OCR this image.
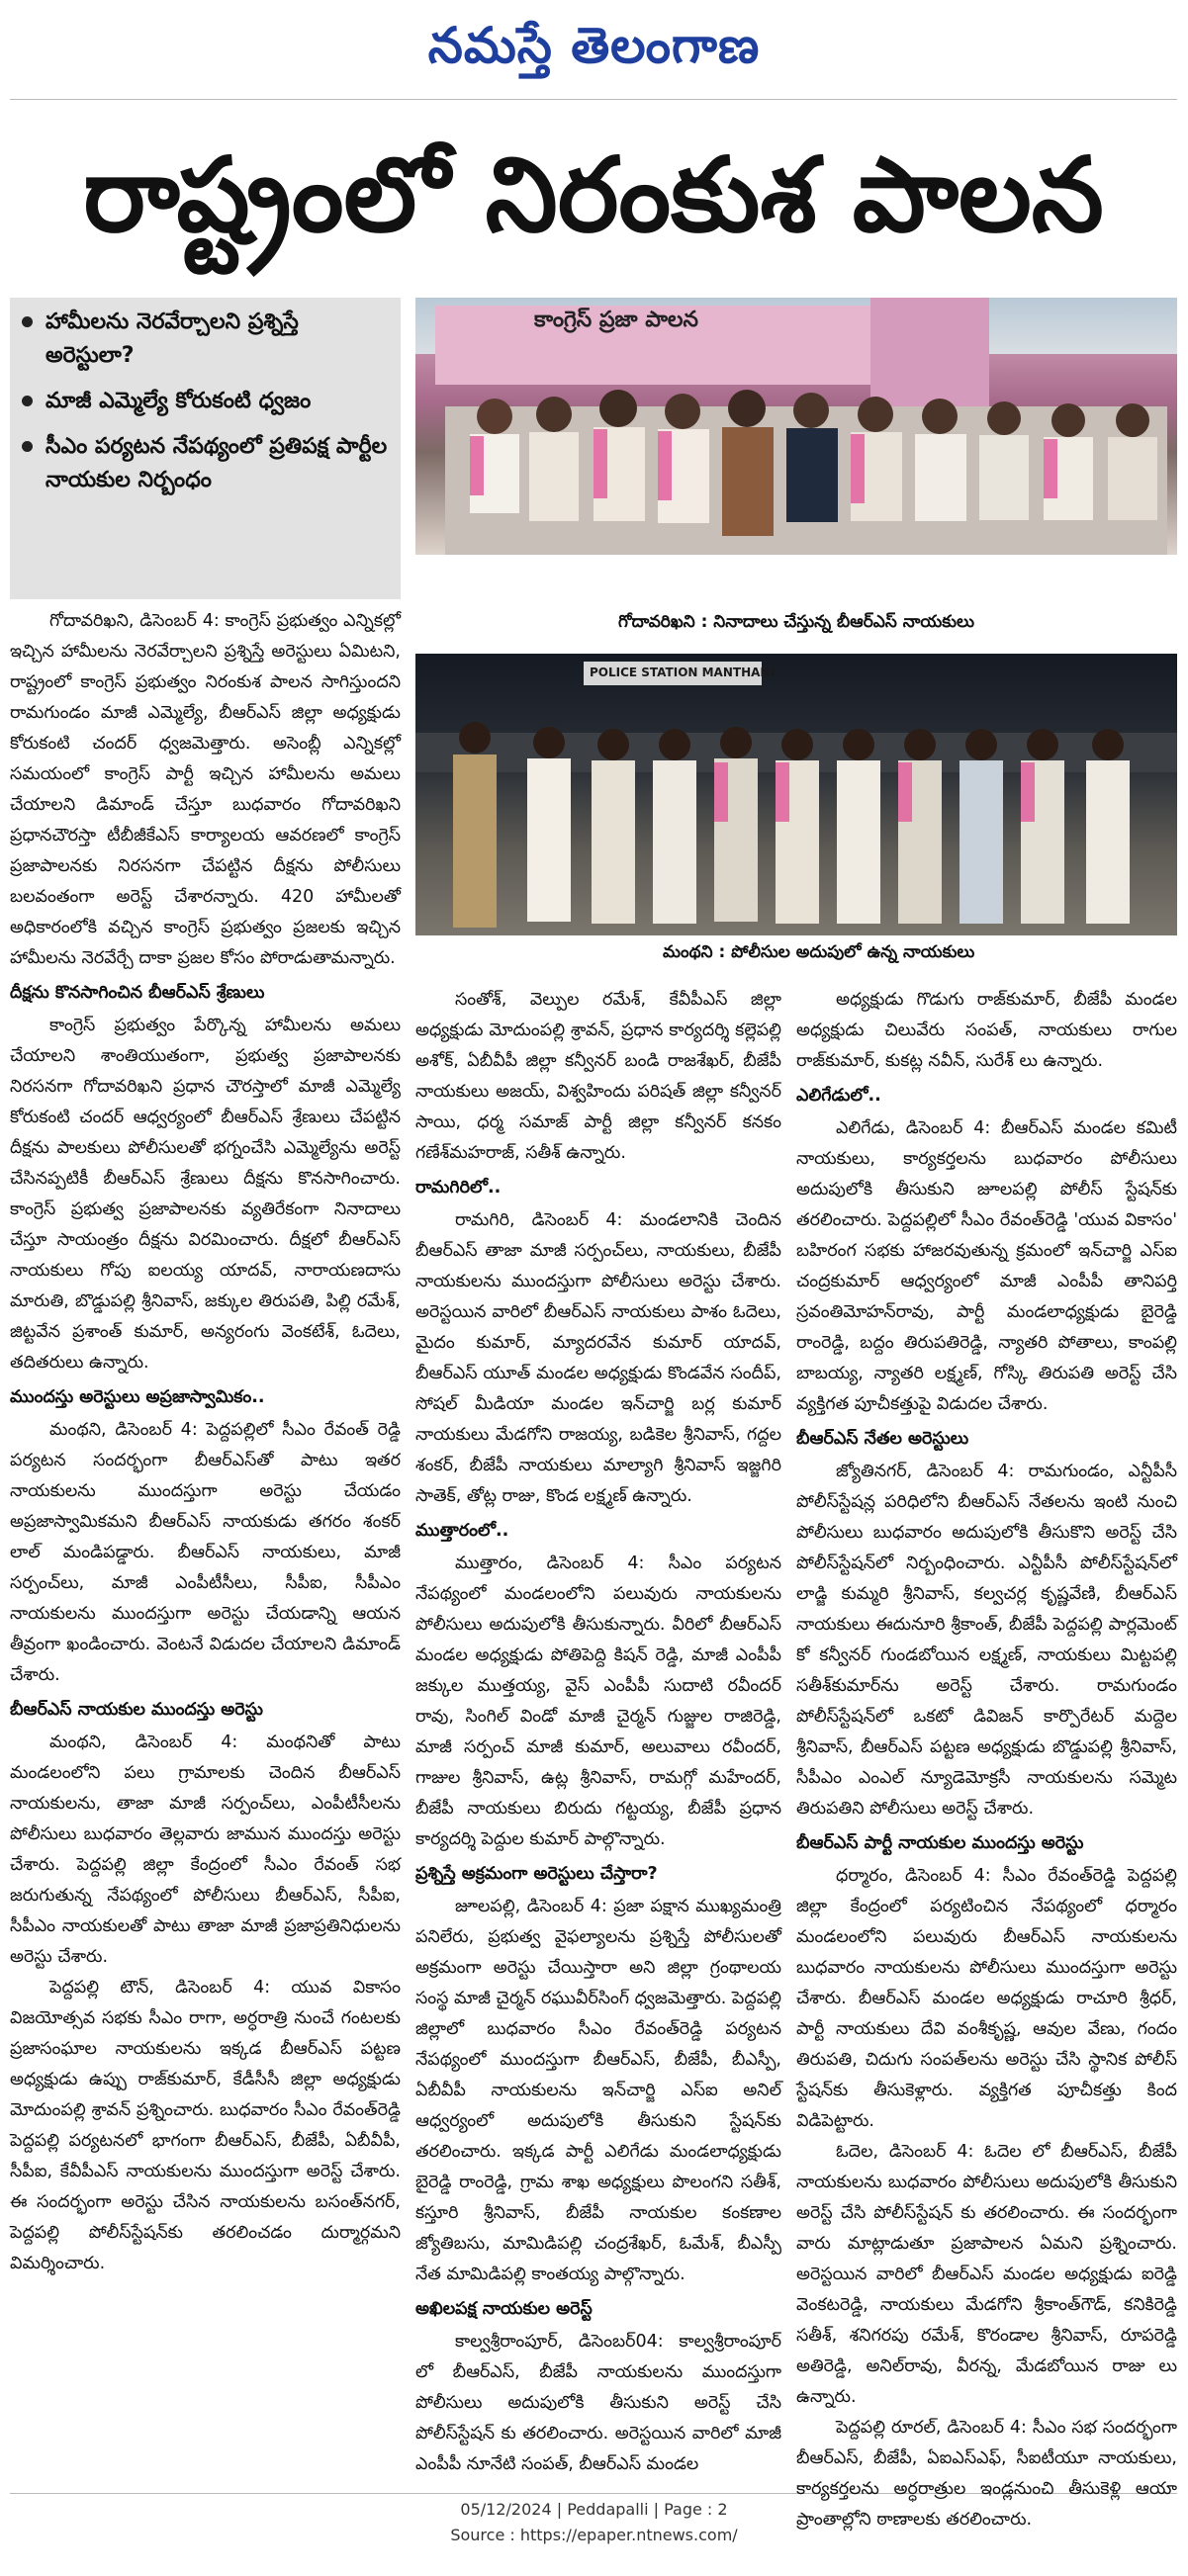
నమస్తే తెలంగాణ
రాష్ట్రంలో నిరంకుశ పాలన
హామీలను నెరవేర్చాలని ప్రశ్నిస్తే అరెస్టులా?
మాజీ ఎమ్మెల్యే కోరుకంటి ధ్వజం
సీఎం పర్యటన నేపథ్యంలో ప్రతిపక్ష పార్టీల నాయకుల నిర్బంధం
కాంగ్రెస్ ప్రజా పాలన
గోదావరిఖని : నినాదాలు చేస్తున్న బీఆర్‌ఎస్ నాయకులు
POLICE STATION MANTHANI
మంథని : పోలీసుల అదుపులో ఉన్న నాయకులు

గోదావరిఖని, డిసెంబర్ 4: కాంగ్రెస్ ప్రభుత్వం ఎన్నికల్లో ఇచ్చిన హామీలను నెరవేర్చాలని ప్రశ్నిస్తే అరెస్టులు ఏమిటని, రాష్ట్రంలో కాంగ్రెస్ ప్రభుత్వం నిరంకుశ పాలన సాగిస్తుందని రామగుండం మాజీ ఎమ్మెల్యే, బీఆర్‌ఎస్ జిల్లా అధ్యక్షుడు కోరుకంటి చందర్ ధ్వజమెత్తారు. అసెంబ్లీ ఎన్నికల్లో సమయంలో కాంగ్రెస్ పార్టీ ఇచ్చిన హామీలను అమలు చేయాలని డిమాండ్ చేస్తూ బుధవారం గోదావరిఖని ప్రధానచౌరస్తా టీబీజీకేఎస్ కార్యాలయ ఆవరణలో కాంగ్రెస్ ప్రజాపాలనకు నిరసనగా చేపట్టిన దీక్షను పోలీసులు బలవంతంగా అరెస్ట్ చేశారన్నారు. 420 హామీలతో అధికారంలోకి వచ్చిన కాంగ్రెస్ ప్రభుత్వం ప్రజలకు ఇచ్చిన హామీలను నెరవేర్చే దాకా ప్రజల కోసం పోరాడుతామన్నారు.

దీక్షను కొనసాగించిన బీఆర్‌ఎస్ శ్రేణులు

కాంగ్రెస్ ప్రభుత్వం పేర్కొన్న హామీలను అమలు చేయాలని శాంతియుతంగా, ప్రభుత్వ ప్రజాపాలనకు నిరసనగా గోదావరిఖని ప్రధాన చౌరస్తాలో మాజీ ఎమ్మెల్యే కోరుకంటి చందర్ ఆధ్వర్యంలో బీఆర్‌ఎస్ శ్రేణులు చేపట్టిన దీక్షను పాలకులు పోలీసులతో భగ్నంచేసి ఎమ్మెల్యేను అరెస్ట్ చేసినప్పటికీ బీఆర్‌ఎస్ శ్రేణులు దీక్షను కొనసాగించారు. కాంగ్రెస్ ప్రభుత్వ ప్రజాపాలనకు వ్యతిరేకంగా నినాదాలు చేస్తూ సాయంత్రం దీక్షను విరమించారు. దీక్షలో బీఆర్‌ఎస్ నాయకులు గోపు ఐలయ్య యాదవ్, నారాయణదాసు మారుతి, బొడ్డుపల్లి శ్రీనివాస్, జక్కుల తిరుపతి, పిల్లి రమేశ్, జిట్టవేన ప్రశాంత్ కుమార్, అన్యరంగు వెంకటేశ్, ఓదెలు, తదితరులు ఉన్నారు.

ముందస్తు అరెస్టులు అప్రజాస్వామికం..

మంథని, డిసెంబర్ 4: పెద్దపల్లిలో సీఎం రేవంత్ రెడ్డి పర్యటన సందర్భంగా బీఆర్‌ఎస్‌తో పాటు ఇతర నాయకులను ముందస్తుగా అరెస్టు చేయడం అప్రజాస్వామికమని బీఆర్‌ఎస్ నాయకుడు తగరం శంకర్ లాల్ మండిపడ్డారు. బీఆర్‌ఎస్ నాయకులు, మాజీ సర్పంచ్‌లు, మాజీ ఎంపీటీసీలు, సీపీఐ, సీపీఎం నాయకులను ముందస్తుగా అరెస్టు చేయడాన్ని ఆయన తీవ్రంగా ఖండించారు. వెంటనే విడుదల చేయాలని డిమాండ్ చేశారు.

బీఆర్‌ఎస్ నాయకుల ముందస్తు అరెస్టు

మంథని, డిసెంబర్ 4: మంథనితో పాటు మండలంలోని పలు గ్రామాలకు చెందిన బీఆర్‌ఎస్ నాయకులను, తాజా మాజీ సర్పంచ్‌లు, ఎంపీటీసీలను పోలీసులు బుధవారం తెల్లవారు జామున ముందస్తు అరెస్టు చేశారు. పెద్దపల్లి జిల్లా కేంద్రంలో సీఎం రేవంత్ సభ జరుగుతున్న నేపథ్యంలో పోలీసులు బీఆర్‌ఎస్, సీపీఐ, సీపీఎం నాయకులతో పాటు తాజా మాజీ ప్రజాప్రతినిధులను అరెస్టు చేశారు.

పెద్దపల్లి టౌన్, డిసెంబర్ 4: యువ వికాసం విజయోత్సవ సభకు సీఎం రాగా, అర్ధరాత్రి నుంచే గంటలకు ప్రజాసంఘాల నాయకులను ఇక్కడ బీఆర్‌ఎస్ పట్టణ అధ్యక్షుడు ఉప్పు రాజ్‌కుమార్, కేడీసీసీ జిల్లా అధ్యక్షుడు మోదుంపల్లి శ్రావన్ ప్రశ్నించారు. బుధవారం సీఎం రేవంత్‌రెడ్డి పెద్దపల్లి పర్యటనలో భాగంగా బీఆర్‌ఎస్, బీజేపీ, ఏబీవీపీ, సీపీఐ, కేవీపీఎస్ నాయకులను ముందస్తుగా అరెస్ట్ చేశారు. ఈ సందర్భంగా అరెస్టు చేసిన నాయకులను బసంత్‌నగర్, పెద్దపల్లి పోలీస్‌స్టేషన్‌కు తరలించడం దుర్మార్గమని విమర్శించారు.

సంతోశ్, వెల్పుల రమేశ్, కేవీపీఎస్ జిల్లా అధ్యక్షుడు మోదుంపల్లి శ్రావన్, ప్రధాన కార్యదర్శి కల్లెపల్లి అశోక్, ఏబీవీపీ జిల్లా కన్వీనర్ బండి రాజశేఖర్, బీజేపీ నాయకులు అజయ్, విశ్వహిందు పరిషత్ జిల్లా కన్వీనర్ సాయి, ధర్మ సమాజ్ పార్టీ జిల్లా కన్వీనర్ కనకం గణేశ్‌మహరాజ్, సతీశ్ ఉన్నారు.

రామగిరిలో..

రామగిరి, డిసెంబర్ 4: మండలానికి చెందిన బీఆర్‌ఎస్ తాజా మాజీ సర్పంచ్‌లు, నాయకులు, బీజేపీ నాయకులను ముందస్తుగా పోలీసులు అరెస్టు చేశారు. అరెస్టయిన వారిలో బీఆర్‌ఎస్ నాయకులు పాశం ఓదెలు, మైదం కుమార్, మ్యాదరవేన కుమార్ యాదవ్, బీఆర్‌ఎస్ యూత్ మండల అధ్యక్షుడు కొండవేన సందీప్, సోషల్ మీడియా మండల ఇన్‌చార్జి బర్ల కుమార్ నాయకులు మేడగోని రాజయ్య, బడికెల శ్రీనివాస్, గద్దల శంకర్, బీజేపీ నాయకులు మాల్యాగి శ్రీనివాస్ ఇజ్జగిరి సాతెక్, తోట్ల రాజు, కొండ లక్ష్మణ్ ఉన్నారు.

ముత్తారంలో..

ముత్తారం, డిసెంబర్ 4: సీఎం పర్యటన నేపథ్యంలో మండలంలోని పలువురు నాయకులను పోలీసులు అదుపులోకి తీసుకున్నారు. వీరిలో బీఆర్‌ఎస్ మండల అధ్యక్షుడు పోతిపెద్ది కిషన్ రెడ్డి, మాజీ ఎంపీపీ జక్కుల ముత్తయ్య, వైస్ ఎంపీపీ సుదాటి రవీందర్ రావు, సింగిల్ విండో మాజీ చైర్మన్ గుజ్జుల రాజిరెడ్డి, మాజీ సర్పంచ్ మాజీ కుమార్, అలువాలు రవీందర్, గాజుల శ్రీనివాస్, ఉట్ల శ్రీనివాస్, రామగ్గో మహేందర్, బీజేపీ నాయకులు బిరుదు గట్టయ్య, బీజేపీ ప్రధాన కార్యదర్శి పెద్దుల కుమార్ పాల్గొన్నారు.

ప్రశ్నిస్తే అక్రమంగా అరెస్టులు చేస్తారా?

జూలపల్లి, డిసెంబర్ 4: ప్రజా పక్షాన ముఖ్యమంత్రి పనిలేరు, ప్రభుత్వ వైఫల్యాలను ప్రశ్నిస్తే పోలీసులతో అక్రమంగా అరెస్టు చేయిస్తారా అని జిల్లా గ్రంథాలయ సంస్థ మాజీ చైర్మన్ రఘువీర్‌సింగ్ ధ్వజమెత్తారు. పెద్దపల్లి జిల్లాలో బుధవారం సీఎం రేవంత్‌రెడ్డి పర్యటన నేపథ్యంలో ముందస్తుగా బీఆర్‌ఎస్, బీజేపీ, బీఎస్పీ, ఏబీవీపీ నాయకులను ఇన్‌చార్జి ఎస్‌ఐ అనిల్ ఆధ్వర్యంలో అదుపులోకి తీసుకుని స్టేషన్‌కు తరలించారు. ఇక్కడ పార్టీ ఎలిగేడు మండలాధ్యక్షుడు బైరెడ్డి రాంరెడ్డి, గ్రామ శాఖ అధ్యక్షులు పొలంగని సతీశ్, కస్తూరి శ్రీనివాస్, బీజేపీ నాయకుల కంకణాల జ్యోతిబసు, మామిడిపల్లి చంద్రశేఖర్, ఓమేశ్, బీఎస్పీ నేత మామిడిపల్లి కాంతయ్య పాల్గొన్నారు.

అఖిలపక్ష నాయకుల అరెస్ట్

కాల్వశ్రీరాంపూర్, డిసెంబర్04: కాల్వశ్రీరాంపూర్ లో బీఆర్‌ఎస్, బీజేపీ నాయకులను ముందస్తుగా పోలీసులు అదుపులోకి తీసుకుని అరెస్ట్ చేసి పోలీస్‌స్టేషన్ కు తరలించారు. అరెస్టయిన వారిలో మాజీ ఎంపీపీ నూనేటి సంపత్, బీఆర్‌ఎస్ మండల

అధ్యక్షుడు గొడుగు రాజ్‌కుమార్, బీజేపీ మండల అధ్యక్షుడు చిలువేరు సంపత్, నాయకులు రాగుల రాజ్‌కుమార్, కుకట్ల నవీన్, సురేశ్ లు ఉన్నారు.

ఎలిగేడులో..

ఎలిగేడు, డిసెంబర్ 4: బీఆర్‌ఎస్ మండల కమిటీ నాయకులు, కార్యకర్తలను బుధవారం పోలీసులు అదుపులోకి తీసుకుని జూలపల్లి పోలీస్ స్టేషన్‌కు తరలించారు. పెద్దపల్లిలో సీఎం రేవంత్‌రెడ్డి 'యువ వికాసం' బహిరంగ సభకు హాజరవుతున్న క్రమంలో ఇన్‌చార్జి ఎస్‌ఐ చంద్రకుమార్ ఆధ్వర్యంలో మాజీ ఎంపీపీ తానిపర్తి స్రవంతిమోహన్‌రావు, పార్టీ మండలాధ్యక్షుడు బైరెడ్డి రాంరెడ్డి, బద్దం తిరుపతిరెడ్డి, న్యాతరి పోతాలు, కాంపల్లి బాబయ్య, న్యాతరి లక్ష్మణ్, గోస్కి తిరుపతి అరెస్ట్ చేసి వ్యక్తిగత పూచీకత్తుపై విడుదల చేశారు.

బీఆర్‌ఎస్ నేతల అరెస్టులు

జ్యోతినగర్, డిసెంబర్ 4: రామగుండం, ఎన్టీపీసీ పోలీస్‌స్టేషన్ల పరిధిలోని బీఆర్‌ఎస్ నేతలను ఇంటి నుంచి పోలీసులు బుధవారం అదుపులోకి తీసుకొని అరెస్ట్ చేసి పోలీస్‌స్టేషన్‌లో నిర్బంధించారు. ఎన్టీపీసీ పోలీస్‌స్టేషన్‌లో లాడ్జి కుమ్మరి శ్రీనివాస్, కల్వచర్ల కృష్ణవేణి, బీఆర్‌ఎస్ నాయకులు ఈదునూరి శ్రీకాంత్, బీజేపీ పెద్దపల్లి పార్లమెంట్ కో కన్వీనర్ గుండబోయిన లక్ష్మణ్, నాయకులు మిట్టపల్లి సతీశ్‌కుమార్‌ను అరెస్ట్ చేశారు. రామగుండం పోలీస్‌స్టేషన్‌లో ఒకటో డివిజన్ కార్పొరేటర్ మద్దెల శ్రీనివాస్, బీఆర్‌ఎస్ పట్టణ అధ్యక్షుడు బొడ్డుపల్లి శ్రీనివాస్, సీపీఎం ఎంఎల్ న్యూడెమోక్రసీ నాయకులను సమ్మెట తిరుపతిని పోలీసులు అరెస్ట్ చేశారు.

బీఆర్‌ఎస్ పార్టీ నాయకుల ముందస్తు అరెస్టు

ధర్మారం, డిసెంబర్ 4: సీఎం రేవంత్‌రెడ్డి పెద్దపల్లి జిల్లా కేంద్రంలో పర్యటించిన నేపథ్యంలో ధర్మారం మండలంలోని పలువురు బీఆర్‌ఎస్ నాయకులను బుధవారం నాయకులను పోలీసులు ముందస్తుగా అరెస్టు చేశారు. బీఆర్‌ఎస్ మండల అధ్యక్షుడు రాచూరి శ్రీధర్, పార్టీ నాయకులు దేవి వంశీకృష్ణ, ఆవుల వేణు, గందం తిరుపతి, చిదుగు సంపత్‌లను అరెస్టు చేసి స్థానిక పోలీస్ స్టేషన్‌కు తీసుకెళ్లారు. వ్యక్తిగత పూచీకత్తు కింద విడిపెట్టారు.

ఓదెల, డిసెంబర్ 4: ఓదెల లో బీఆర్‌ఎస్, బీజేపీ నాయకులను బుధవారం పోలీసులు అదుపులోకి తీసుకుని అరెస్ట్ చేసి పోలీస్‌స్టేషన్ కు తరలించారు. ఈ సందర్భంగా వారు మాట్లాడుతూ ప్రజాపాలన ఏమని ప్రశ్నించారు. అరెస్టయిన వారిలో బీఆర్‌ఎస్ మండల అధ్యక్షుడు ఐరెడ్డి వెంకటరెడ్డి, నాయకులు మేడగోని శ్రీకాంత్‌గౌడ్, కనికిరెడ్డి సతీశ్, శనిగరపు రమేశ్, కొరండాల శ్రీనివాస్, రూపరెడ్డి అతిరెడ్డి, అనిల్‌రావు, వీరన్న, మేడబోయిన రాజు లు ఉన్నారు.

పెద్దపల్లి రూరల్, డిసెంబర్ 4: సీఎం సభ సందర్భంగా బీఆర్‌ఎస్, బీజేపీ, ఏఐఎస్ఎఫ్, సీఐటీయూ నాయకులు, కార్యకర్తలను అర్ధరాత్రుల ఇండ్లనుంచి తీసుకెళ్లి ఆయా ప్రాంతాల్లోని ఠాణాలకు తరలించారు.

05/12/2024 | Peddapalli | Page : 2
Source : https://epaper.ntnews.com/
